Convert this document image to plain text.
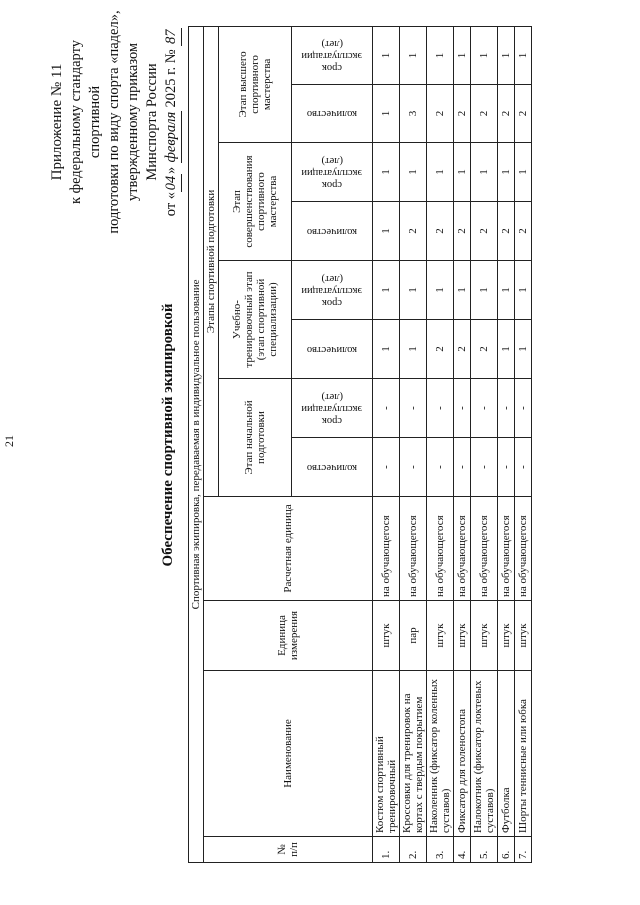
21
Приложение № 11 к федеральному стандарту спортивной подготовки по виду спорта «падел», утвержденному приказом Минспорта России
от «04» февраля 2025 г. № 87
Обеспечение спортивной экипировкой Спортивная экипировка, передаваемая в индивидуальное пользование											
№ п/п	Наименование	Единица измерения	Расчетная единица	Этапы спортивной подготовки							
				Этап начальной подготовки		Учебно-тренировочный этап (этап спортивной специализации)		Этап совершенствования спортивного мастерства		Этап высшего спортивного мастерства	

				количество	срок эксплуатации (лет)	количество	срок эксплуатации (лет)	количество	срок эксплуатации (лет)	количество	срок эксплуатации (лет)

1.	Костюм спортивный тренировочный	штук	на обучающегося	-	-	1	1	1	1	1	1
2.	Кроссовки для тренировок на кортах с твердым покрытием	пар	на обучающегося	-	-	1	1	2	1	3	1
3.	Наколенник (фиксатор коленных суставов)	штук	на обучающегося	-	-	2	1	2	1	2	1
4.	Фиксатор для голеностопа	штук	на обучающегося	-	-	2	1	2	1	2	1
5.	Налокотник (фиксатор локтевых суставов)	штук	на обучающегося	-	-	2	1	2	1	2	1
6.	Футболка	штук	на обучающегося	-	-	1	1	2	1	2	1
7.	Шорты теннисные или юбка	штук	на обучающегося	-	-	1	1	2	1	2	1
